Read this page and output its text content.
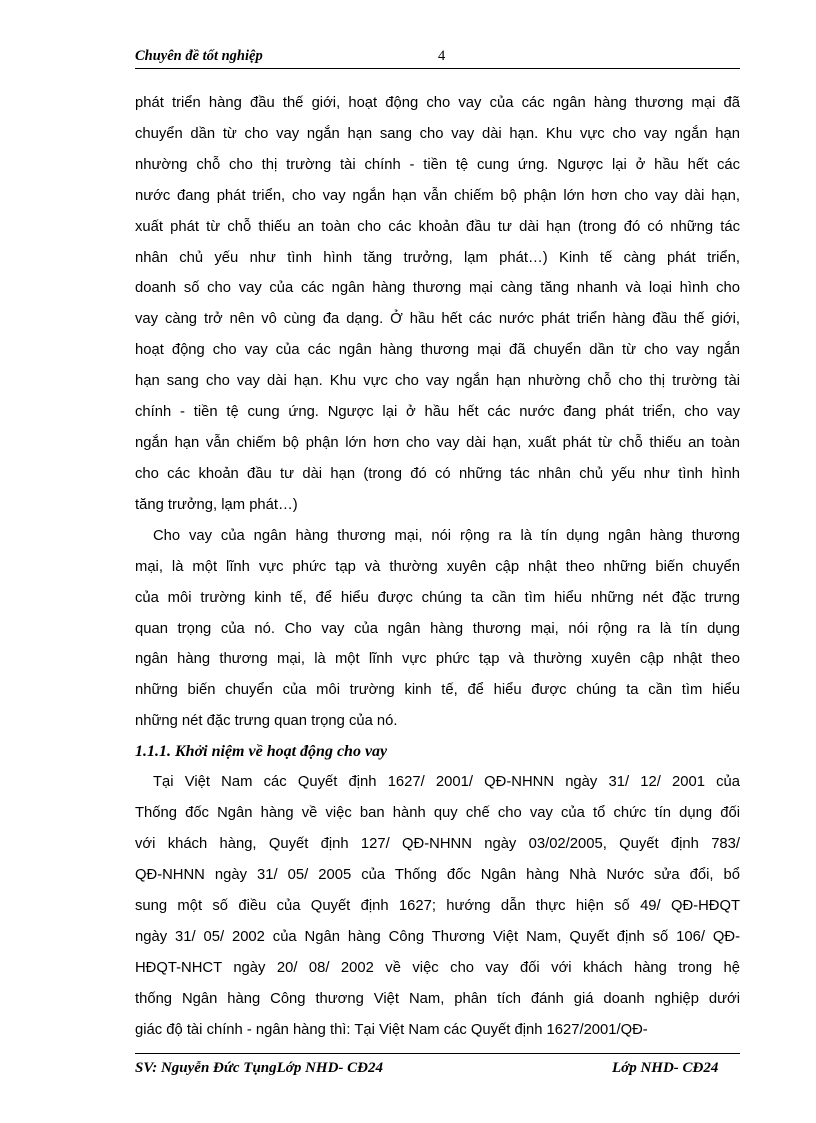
Chuyên đề tốt nghiệp	4
phát triển hàng đầu thế giới, hoạt động cho vay của các ngân hàng thương mại đã
chuyển dần từ cho vay ngắn hạn sang cho vay dài hạn. Khu vực cho vay ngắn hạn
nhường chỗ cho thị trường tài chính - tiền tệ cung ứng. Ngược lại ở hầu hết các
nước đang phát triển, cho vay ngắn hạn vẫn chiếm bộ phận lớn hơn cho vay dài hạn,
xuất phát từ chỗ thiếu an toàn cho các khoản đầu tư dài hạn (trong đó có những tác
nhân chủ yếu như tình hình tăng trưởng, lạm phát…) Kinh tế càng phát triển,
doanh số cho vay của các ngân hàng thương mại càng tăng nhanh và loại hình cho
vay càng trở nên vô cùng đa dạng. Ở hầu hết các nước phát triển hàng đầu thế giới,
hoạt động cho vay của các ngân hàng thương mại đã chuyển dần từ cho vay ngắn
hạn sang cho vay dài hạn. Khu vực cho vay ngắn hạn nhường chỗ cho thị trường tài
chính - tiền tệ cung ứng. Ngược lại ở hầu hết các nước đang phát triển, cho vay
ngắn hạn vẫn chiếm bộ phận lớn hơn cho vay dài hạn, xuất phát từ chỗ thiếu an toàn
cho các khoản đầu tư dài hạn (trong đó có những tác nhân chủ yếu như tình hình
tăng trưởng, lạm phát…)
Cho vay của ngân hàng thương mại, nói rộng ra là tín dụng ngân hàng thương
mại, là một lĩnh vực phức tạp và thường xuyên cập nhật theo những biến chuyển
của môi trường kinh tế, để hiểu được chúng ta cần tìm hiểu những nét đặc trưng
quan trọng của nó. Cho vay của ngân hàng thương mại, nói rộng ra là tín dụng
ngân hàng thương mại, là một lĩnh vực phức tạp và thường xuyên cập nhật theo
những biến chuyển của môi trường kinh tế, để hiểu được chúng ta cần tìm hiểu
những nét đặc trưng quan trọng của nó.
1.1.1. Khởi niệm về hoạt động cho vay
Tại Việt Nam các Quyết định 1627/ 2001/ QĐ-NHNN ngày 31/ 12/ 2001 của
Thống đốc Ngân hàng về việc ban hành quy chế cho vay của tổ chức tín dụng đối
với khách hàng, Quyết định 127/ QĐ-NHNN ngày 03/02/2005, Quyết định 783/
QĐ-NHNN ngày 31/ 05/ 2005 của Thống đốc Ngân hàng Nhà Nước sửa đổi, bổ
sung một số điều của Quyết định 1627; hướng dẫn thực hiện số 49/ QĐ-HĐQT
ngày 31/ 05/ 2002 của Ngân hàng Công Thương Việt Nam, Quyết định số 106/ QĐ-
HĐQT-NHCT ngày 20/ 08/ 2002 về việc cho vay đối với khách hàng trong hệ
thống Ngân hàng Công thương Việt Nam, phân tích đánh giá doanh nghiệp dưới
giác độ tài chính - ngân hàng thì: Tại Việt Nam các Quyết định 1627/2001/QĐ-
SV: Nguyễn Đức TụngLớp NHD- CĐ24	Lớp NHD- CĐ24
